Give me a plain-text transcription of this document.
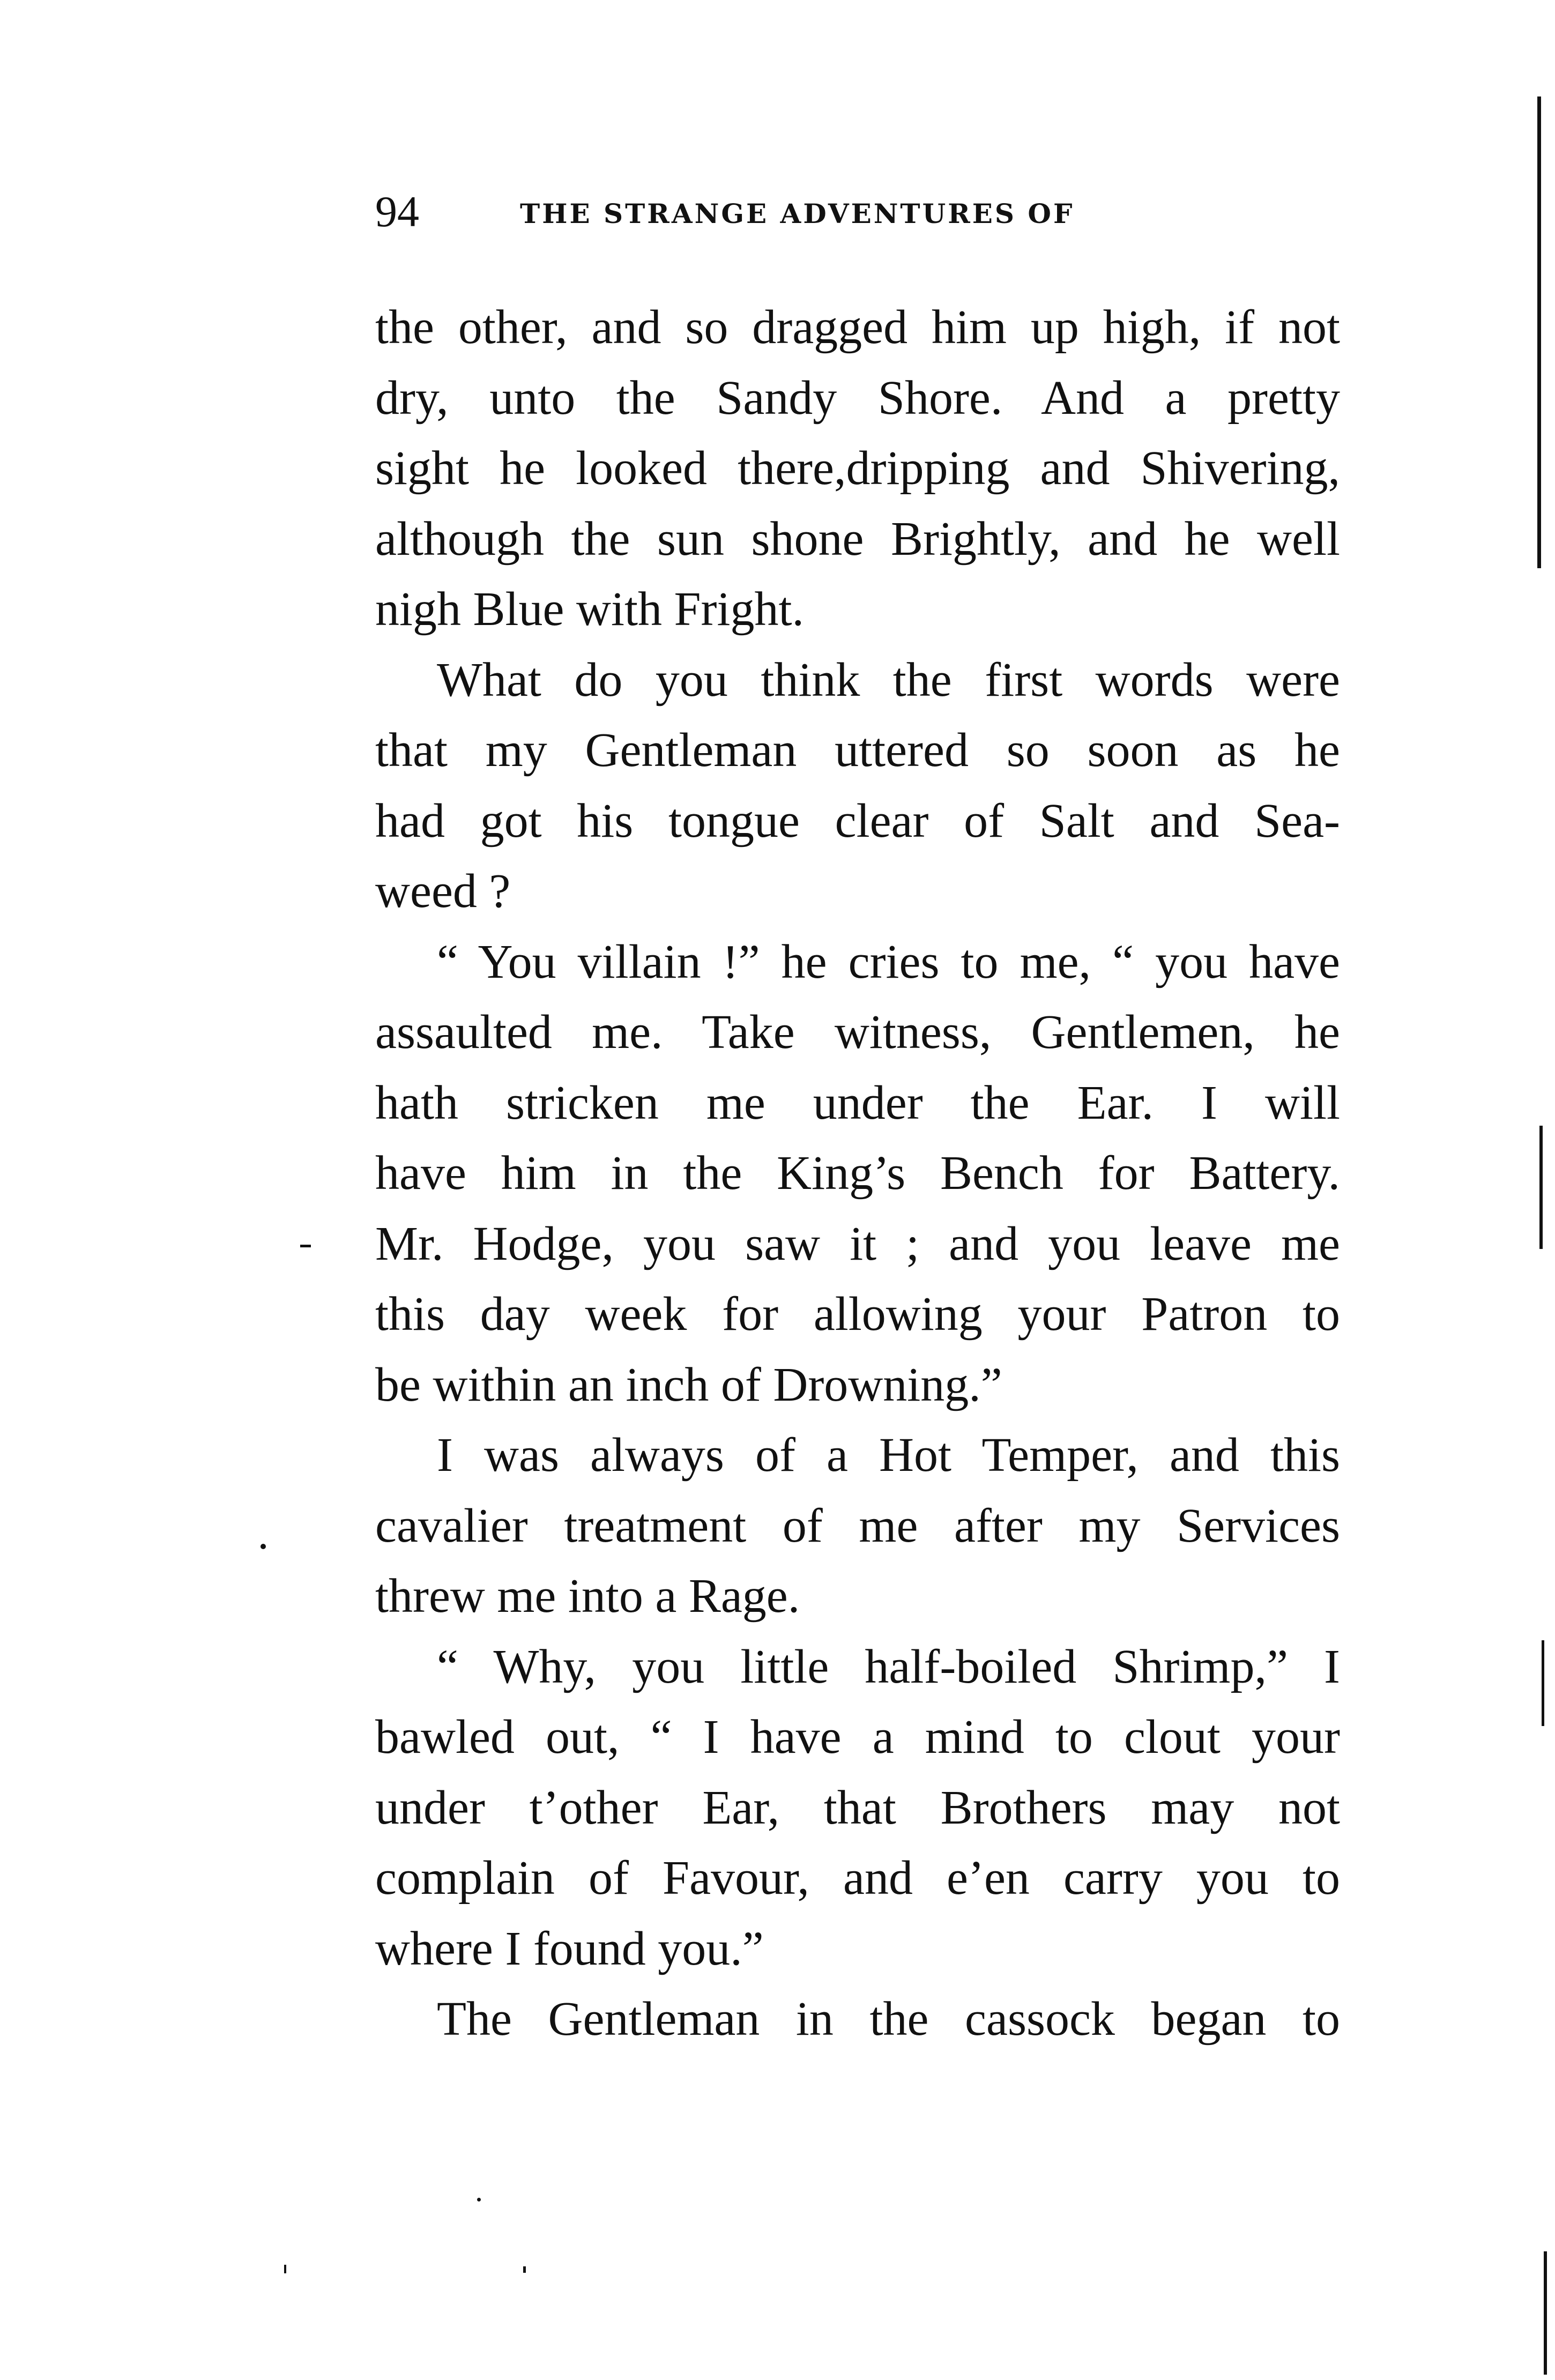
94	THE STRANGE ADVENTURES OF
the other, and so dragged him up high, if not
dry, unto the Sandy Shore. And a pretty
sight he looked there,dripping and Shivering,
although the sun shone Brightly, and he well
nigh Blue with Fright.
What do you think the first words were
that my Gentleman uttered so soon as he
had got his tongue clear of Salt and Sea-
weed ?
“ You villain !” he cries to me, “ you have
assaulted me. Take witness, Gentlemen, he
hath stricken me under the Ear. I will
have him in the King’s Bench for Battery.
Mr. Hodge, you saw it ; and you leave me
this day week for allowing your Patron to
be within an inch of Drowning.”
I was always of a Hot Temper, and this
cavalier treatment of me after my Services
threw me into a Rage.
“ Why, you little half-boiled Shrimp,” I
bawled out, “ I have a mind to clout your
under t’other Ear, that Brothers may not
complain of Favour, and e’en carry you to
where I found you.”
The Gentleman in the cassock began to
